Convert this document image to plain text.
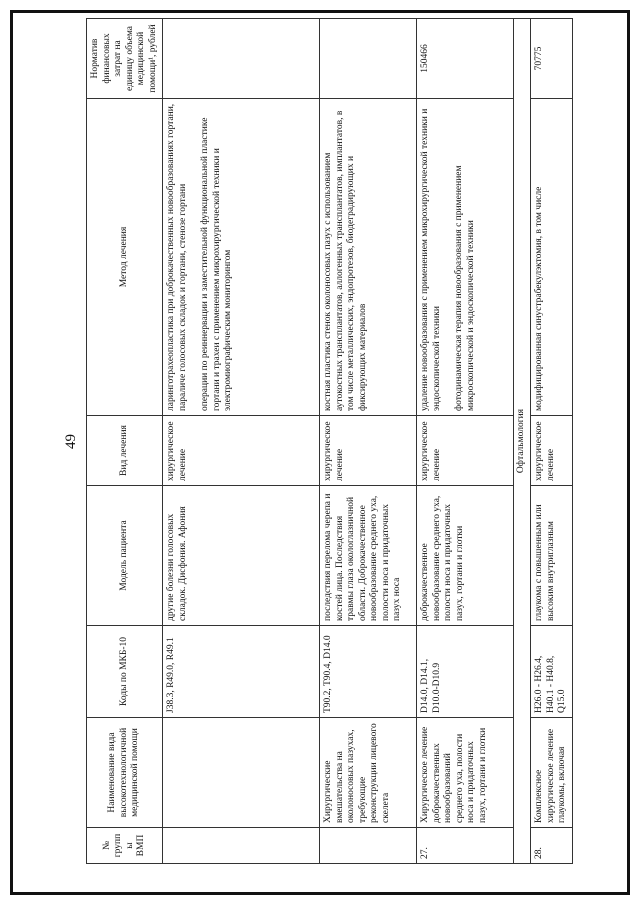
49
№ группы ВМП	Наименование вида высокотехнологичной медицинской помощи	Коды по МКБ-10	Модель пациента	Вид лечения	Метод лечения	Норматив финансовых затрат на единицу объема медицинской помощи¹, рублей
		J38.3, R49.0, R49.1	другие болезни голосовых складок. Дисфония. Афония	хирургическое лечение	ларинготрахеопластика при доброкачественных новообразованиях гортани, параличе голосовых складок и гортани, стенозе гортани операции по реиннервации и заместительной функциональной пластике гортани и трахеи с применением микрохирургической техники и электромиографическим мониторингом	
	Хирургические вмешательства на околоносовых пазухах, требующие реконструкции лицевого скелета	T90.2, T90.4, D14.0	последствия перелома черепа и костей лица. Последствия травмы глаза окологлазничной области. Доброкачественное новообразование среднего уха, полости носа и придаточных пазух носа	хирургическое лечение	костная пластика стенок околоносовых пазух с использованием аутокостных трансплантатов, аллогенных трансплантатов, имплантатов, в том числе металлических, эндопротезов, биодеградирующих и фиксирующих материалов	
27.	Хирургическое лечение доброкачественных новообразований среднего уха, полости носа и придаточных пазух, гортани и глотки	D14.0, D14.1, D10.0-D10.9	доброкачественное новообразование среднего уха, полости носа и придаточных пазух, гортани и глотки	хирургическое лечение	удаление новообразования с применением микрохирургической техники и эндоскопической техники фотодинамическая терапия новообразования с применением микроскопической и эндоскопической техники	150466
Офтальмология						
28.	Комплексное хирургическое лечение глаукомы, включая	H26.0 - H26.4, H40.1 - H40.8, Q15.0	глаукома с повышенным или высоким внутриглазным	хирургическое лечение	модифицированная синустрабекулэктомия, в том числе	70775
